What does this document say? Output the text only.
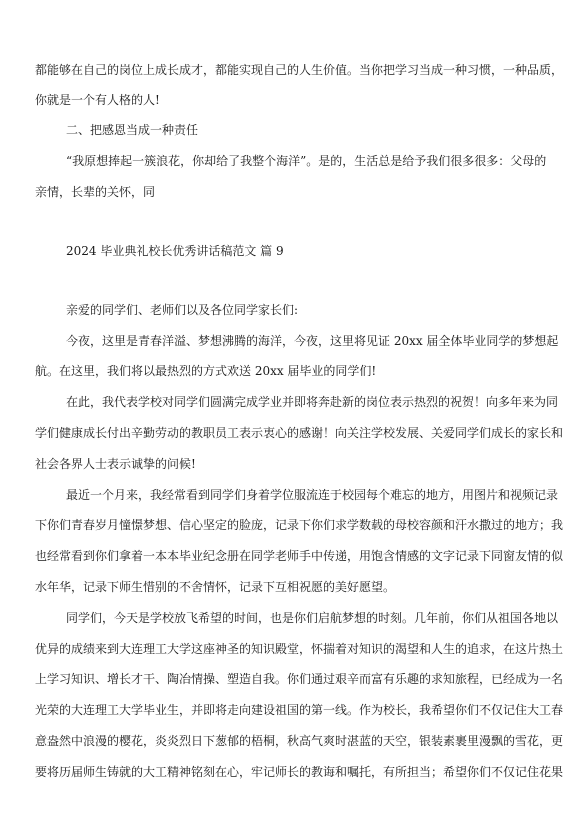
都能够在自己的岗位上成长成才，都能实现自己的人生价值。当你把学习当成一种习惯，一种品质，
你就是一个有人格的人!
二、把感恩当成一种责任
“我原想捧起一簇浪花，你却给了我整个海洋”。是的，生活总是给予我们很多很多：父母的
亲情，长辈的关怀，同
2024 毕业典礼校长优秀讲话稿范文 篇 9
亲爱的同学们、老师们以及各位同学家长们:
今夜，这里是青春洋溢、梦想沸腾的海洋，今夜，这里将见证 20xx 届全体毕业同学的梦想起
航。在这里，我们将以最热烈的方式欢送 20xx 届毕业的同学们!
在此，我代表学校对同学们圆满完成学业并即将奔赴新的岗位表示热烈的祝贺！向多年来为同
学们健康成长付出辛勤劳动的教职员工表示衷心的感谢！向关注学校发展、关爱同学们成长的家长和
社会各界人士表示诚挚的问候!
最近一个月来，我经常看到同学们身着学位服流连于校园每个难忘的地方，用图片和视频记录
下你们青春岁月憧憬梦想、信心坚定的脸庞，记录下你们求学数载的母校容颜和汗水撒过的地方；我
也经常看到你们拿着一本本毕业纪念册在同学老师手中传递，用饱含情感的文字记录下同窗友情的似
水年华，记录下师生惜别的不舍情怀，记录下互相祝愿的美好愿望。
同学们，今天是学校放飞希望的时间，也是你们启航梦想的时刻。几年前，你们从祖国各地以
优异的成绩来到大连理工大学这座神圣的知识殿堂，怀揣着对知识的渴望和人生的追求，在这片热土
上学习知识、增长才干、陶冶情操、塑造自我。你们通过艰辛而富有乐趣的求知旅程，已经成为一名
光荣的大连理工大学毕业生，并即将走向建设祖国的第一线。作为校长，我希望你们不仅记住大工春
意盎然中浪漫的樱花，炎炎烈日下葱郁的梧桐，秋高气爽时湛蓝的天空，银装素裹里漫飘的雪花，更
要将历届师生铸就的大工精神铭刻在心，牢记师长的教诲和嘱托，有所担当；希望你们不仅记住花果
